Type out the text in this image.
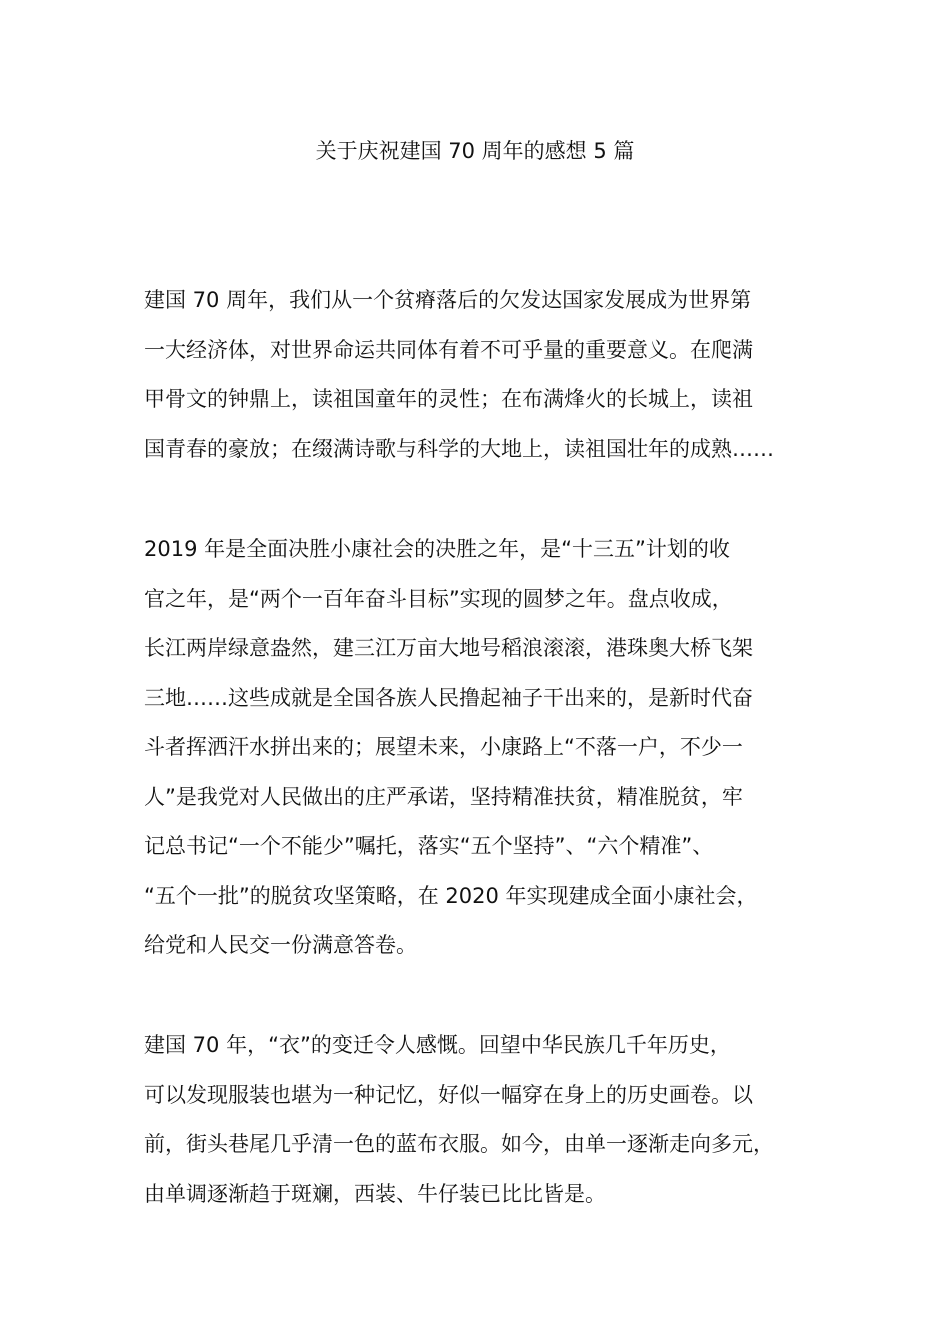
关于庆祝建国 70 周年的感想 5 篇
建国 70 周年，我们从一个贫瘠落后的欠发达国家发展成为世界第
一大经济体，对世界命运共同体有着不可乎量的重要意义。在爬满
甲骨文的钟鼎上，读祖国童年的灵性；在布满烽火的长城上，读祖
国青春的豪放；在缀满诗歌与科学的大地上，读祖国壮年的成熟……
2019 年是全面决胜小康社会的决胜之年，是“十三五”计划的收
官之年，是“两个一百年奋斗目标”实现的圆梦之年。盘点收成，
长江两岸绿意盎然，建三江万亩大地号稻浪滚滚，港珠奥大桥飞架
三地……这些成就是全国各族人民撸起袖子干出来的，是新时代奋
斗者挥洒汗水拼出来的；展望未来，小康路上“不落一户，不少一
人”是我党对人民做出的庄严承诺，坚持精准扶贫，精准脱贫，牢
记总书记“一个不能少”嘱托，落实“五个坚持”、“六个精准”、
“五个一批”的脱贫攻坚策略，在 2020 年实现建成全面小康社会，
给党和人民交一份满意答卷。
建国 70 年，“衣”的变迁令人感慨。回望中华民族几千年历史，
可以发现服装也堪为一种记忆，好似一幅穿在身上的历史画卷。以
前，街头巷尾几乎清一色的蓝布衣服。如今，由单一逐渐走向多元，
由单调逐渐趋于斑斓，西装、牛仔装已比比皆是。
